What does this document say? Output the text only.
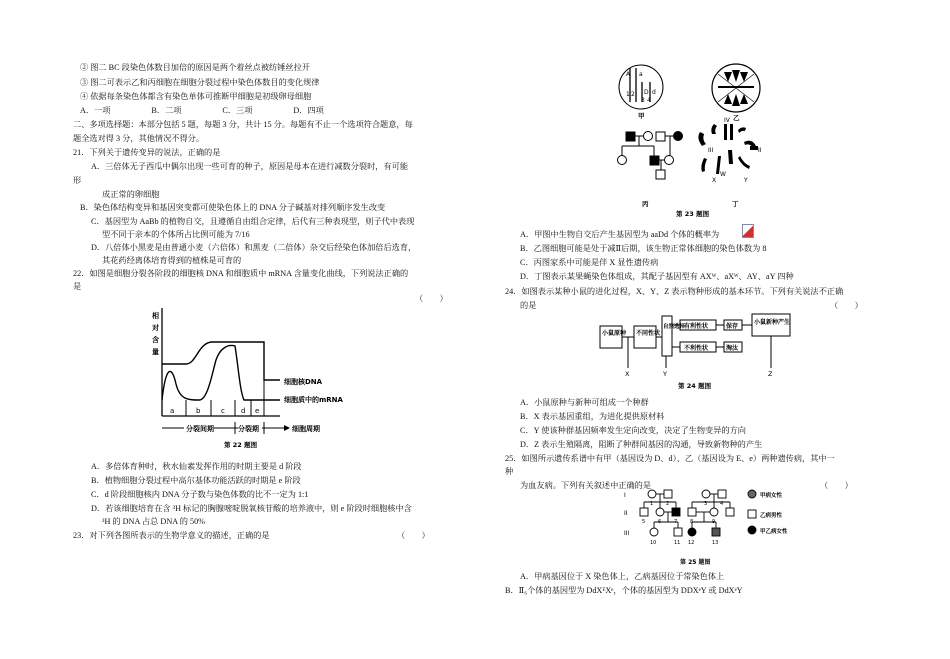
② 图二 BC 段染色体数目加倍的原因是两个着丝点被纺锤丝拉开
③ 图二可表示乙和丙细胞在细胞分裂过程中染色体数目的变化规律
④ 依据每条染色体都含有染色单体可推断甲细胞是初级卵母细胞
A．一项　　　　　B．二项　　　　　C．三项　　　　　D．四项
二、多项选择题：本部分包括 5 题，每题 3 分，共计 15 分。每题有不止一个选项符合题意，每
题全选对得 3 分，其他情况不得分。
21．下列关于遗传变异的说法，正确的是
A．三倍体无子西瓜中偶尔出现一些可育的种子，原因是母本在进行减数分裂时，有可能
形
成正常的卵细胞
B．染色体结构变异和基因突变都可使染色体上的 DNA 分子碱基对排列顺序发生改变
C．基因型为 AaBb 的植物自交，且遵循自由组合定律，后代有三种表现型，则子代中表现
型不同于亲本的个体所占比例可能为 7/16
D．八倍体小黑麦是由普通小麦（六倍体）和黑麦（二倍体）杂交后经染色体加倍后选育，
其花药经离体培育得到的植株是可育的
22．如图是细胞分裂各阶段的细胞核 DNA 和细胞质中 mRNA 含量变化曲线，下列说法正确的
是
（　　）
相
对
含
量
a	b	c d e
细胞核DNA
细胞质中的mRNA
分裂间期	分裂期	细胞周期
第 22 题图
A．多倍体育种时，秋水仙素发挥作用的时期主要是 d 阶段
B．植物细胞分裂过程中高尔基体功能活跃的时期是 e 阶段
C．d 阶段细胞核内 DNA 分子数与染色体数的比不一定为 1:1
D．若该细胞培育在含 ³H 标记的胸腺嘧啶脱氧核苷酸的培养液中，则 e 阶段时细胞核中含
³H 的 DNA 占总 DNA 的 50%
23．对下列各图所表示的生物学意义的描述，正确的是	（　　）
A a
1 2 D d
3 4
甲	乙
丙
IV
III	II
X
W
Y
丁
第 23 题图
A．甲图中生物自交后产生基因型为 aaDd 个体的概率为
B．乙图细胞可能是处于减Ⅱ后期，该生物正常体细胞的染色体数为 8
C．丙图家系中可能是伴 X 显性遗传病
D．丁图表示某果蝇染色体组成，其配子基因型有 AXᵂ、aXᵂ、AY、aY 四种
24．如图表示某种小鼠的进化过程，X、Y、Z 表示物种形成的基本环节。下列有关说法不正确
的是	（　　）
小鼠原种 不同性状
自然选择
有利性状
不利性状
保存
淘汰
小鼠新种产生
X	Y	Z
第 24 题图
A．小鼠原种与新种可组成一个种群
B．X 表示基因重组，为进化提供原材料
C．Y 使该种群基因频率发生定向改变，决定了生物变异的方向
D．Z 表示生殖隔离，阻断了种群间基因的沟通，导致新物种的产生
25．如图所示遗传系谱中有甲（基因设为 D、d）、乙（基因设为 E、e）两种遗传病，其中一
种
为血友病。下列有关叙述中正确的是	（　　）
I
II
III
1	2	3	4
5	6	7	8	9
10	11 12	13
甲病女性
乙病男性
甲乙病女性
第 25 题图
A．甲病基因位于 X 染色体上，乙病基因位于常染色体上
B．Ⅱ₆个体的基因型为 DdXᴱXᵉ，个体的基因型为 DDXᵉY 或 DdXᵉY
